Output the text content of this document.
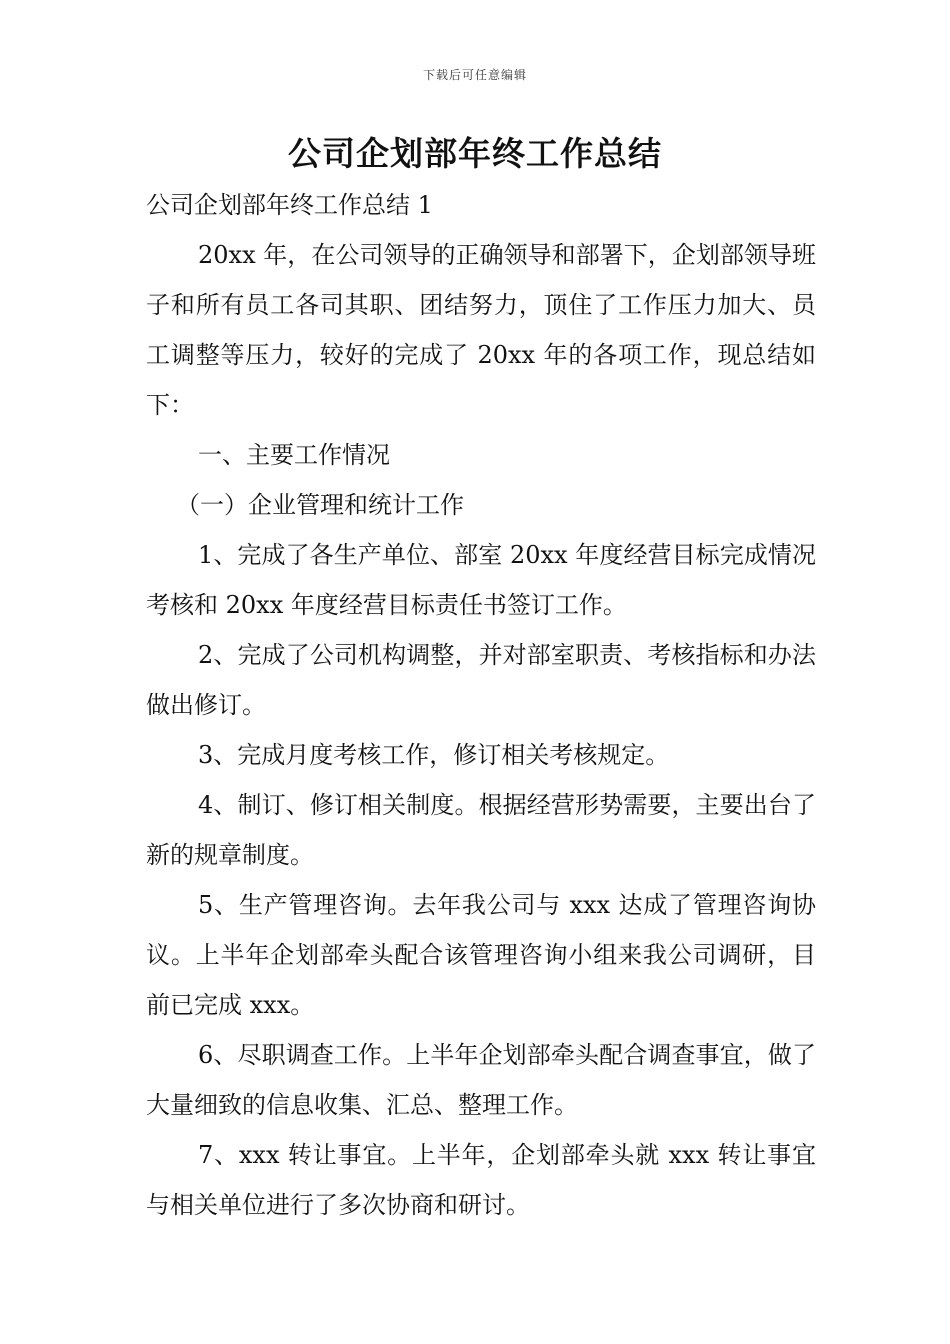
下载后可任意编辑
公司企划部年终工作总结

公司企划部年终工作总结 1

20xx 年，在公司领导的正确领导和部署下，企划部领导班子和所有员工各司其职、团结努力，顶住了工作压力加大、员工调整等压力，较好的完成了 20xx 年的各项工作，现总结如下：

一、主要工作情况

（一）企业管理和统计工作

1、完成了各生产单位、部室 20xx 年度经营目标完成情况考核和 20xx 年度经营目标责任书签订工作。

2、完成了公司机构调整，并对部室职责、考核指标和办法做出修订。

3、完成月度考核工作，修订相关考核规定。

4、制订、修订相关制度。根据经营形势需要，主要出台了新的规章制度。

5、生产管理咨询。去年我公司与 xxx 达成了管理咨询协议。上半年企划部牵头配合该管理咨询小组来我公司调研，目前已完成 xxx。

6、尽职调查工作。上半年企划部牵头配合调查事宜，做了大量细致的信息收集、汇总、整理工作。

7、xxx 转让事宜。上半年，企划部牵头就 xxx 转让事宜与相关单位进行了多次协商和研讨。
